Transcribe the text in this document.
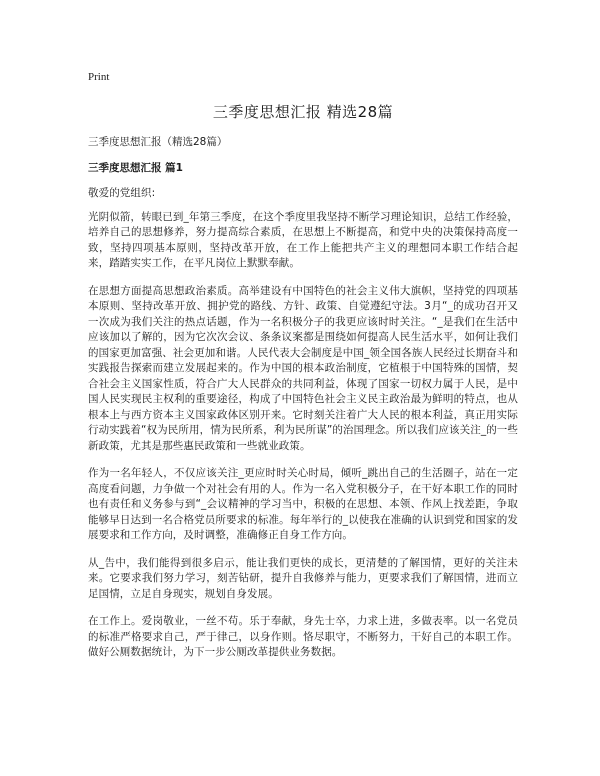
Print
三季度思想汇报 精选28篇
三季度思想汇报（精选28篇）
三季度思想汇报 篇1

敬爱的党组织:

光阴似箭，转眼已到_年第三季度，在这个季度里我坚持不断学习理论知识，总结工作经验，培养自己的思想修养，努力提高综合素质，在思想上不断提高，和党中央的决策保持高度一致，坚持四项基本原则，坚持改革开放，在工作上能把共产主义的理想同本职工作结合起来，踏踏实实工作，在平凡岗位上默默奉献。

在思想方面提高思想政治素质。高举建设有中国特色的社会主义伟大旗帜，坚持党的四项基本原则、坚持改革开放、拥护党的路线、方针、政策、自觉遵纪守法。3月“_的成功召开又一次成为我们关注的热点话题，作为一名积极分子的我更应该时时关注。“_是我们在生活中应该加以了解的，因为它次次会议、条条议案都是围绕如何提高人民生活水平，如何让我们的国家更加富强、社会更加和谐。人民代表大会制度是中国_领全国各族人民经过长期奋斗和实践报告探索而建立发展起来的。作为中国的根本政治制度，它植根于中国特殊的国情，契合社会主义国家性质，符合广大人民群众的共同利益，体现了国家一切权力属于人民，是中国人民实现民主权利的重要途径，构成了中国特色社会主义民主政治最为鲜明的特点，也从根本上与西方资本主义国家政体区别开来。它时刻关注着广大人民的根本利益，真正用实际行动实践着“权为民所用，情为民所系，利为民所谋”的治国理念。所以我们应该关注_的一些新政策，尤其是那些惠民政策和一些就业政策。

作为一名年轻人，不仅应该关注_更应时时关心时局，倾听_跳出自己的生活圈子，站在一定高度看问题，力争做一个对社会有用的人。作为一名入党积极分子，在干好本职工作的同时也有责任和义务参与到“_会议精神的学习当中，积极的在思想、本领、作风上找差距，争取能够早日达到一名合格党员所要求的标准。每年举行的_以使我在准确的认识到党和国家的发展要求和工作方向，及时调整，准确修正自身工作方向。

从_告中，我们能得到很多启示，能让我们更快的成长，更清楚的了解国情，更好的关注未来。它要求我们努力学习，刻苦钻研，提升自我修养与能力，更要求我们了解国情，进而立足国情，立足自身现实，规划自身发展。

在工作上。爱岗敬业，一丝不苟。乐于奉献，身先士卒，力求上进，多做表率。以一名党员的标准严格要求自己，严于律己，以身作则。恪尽职守，不断努力，干好自己的本职工作。做好公厕数据统计，为下一步公厕改革提供业务数据。
